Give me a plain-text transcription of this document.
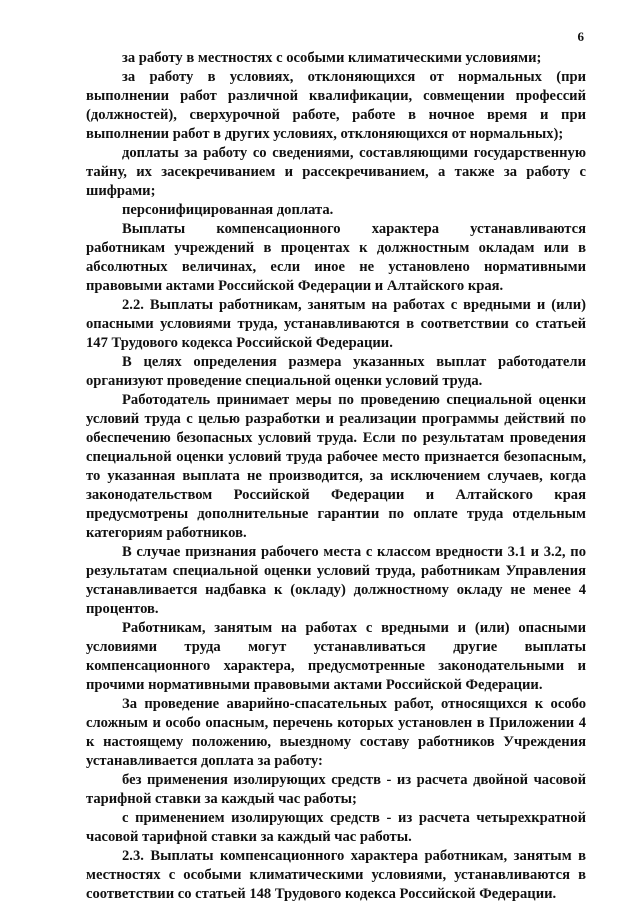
6

за работу в местностях с особыми климатическими условиями;

за работу в условиях, отклоняющихся от нормальных (при выполнении работ различной квалификации, совмещении профессий (должностей), сверхурочной работе, работе в ночное время и при выполнении работ в других условиях, отклоняющихся от нормальных);

доплаты за работу со сведениями, составляющими государственную тайну, их засекречиванием и рассекречиванием, а также за работу с шифрами;

персонифицированная доплата.

Выплаты компенсационного характера устанавливаются работникам учреждений в процентах к должностным окладам или в абсолютных величинах, если иное не установлено нормативными правовыми актами Российской Федерации и Алтайского края.

2.2. Выплаты работникам, занятым на работах с вредными и (или) опасными условиями труда, устанавливаются в соответствии со статьей 147 Трудового кодекса Российской Федерации.

В целях определения размера указанных выплат работодатели организуют проведение специальной оценки условий труда.

Работодатель принимает меры по проведению специальной оценки условий труда с целью разработки и реализации программы действий по обеспечению безопасных условий труда. Если по результатам проведения специальной оценки условий труда рабочее место признается безопасным, то указанная выплата не производится, за исключением случаев, когда законодательством Российской Федерации и Алтайского края предусмотрены дополнительные гарантии по оплате труда отдельным категориям работников.

В случае признания рабочего места с классом вредности 3.1 и 3.2, по результатам специальной оценки условий труда, работникам Управления устанавливается надбавка к (окладу) должностному окладу не менее 4 процентов.

Работникам, занятым на работах с вредными и (или) опасными условиями труда могут устанавливаться другие выплаты компенсационного характера, предусмотренные законодательными и прочими нормативными правовыми актами Российской Федерации.

За проведение аварийно-спасательных работ, относящихся к особо сложным и особо опасным, перечень которых установлен в Приложении 4 к настоящему положению, выездному составу работников Учреждения устанавливается доплата за работу:

без применения изолирующих средств - из расчета двойной часовой тарифной ставки за каждый час работы;

с применением изолирующих средств - из расчета четырехкратной часовой тарифной ставки за каждый час работы.

2.3. Выплаты компенсационного характера работникам, занятым в местностях с особыми климатическими условиями, устанавливаются в соответствии со статьей 148 Трудового кодекса Российской Федерации.
